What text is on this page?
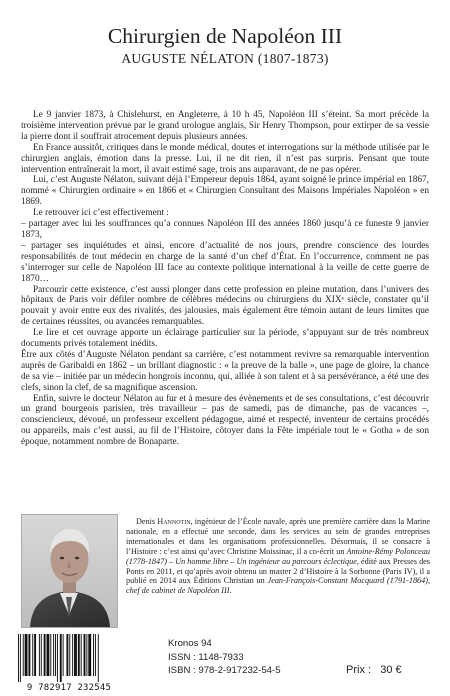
Chirurgien de Napoléon III
AUGUSTE NÉLATON (1807-1873)

Le 9 janvier 1873, à Chislehurst, en Angleterre, à 10 h 45, Napoléon III s’éteint. Sa mort précède la troisième intervention prévue par le grand urologue anglais, Sir Henry Thompson, pour extirper de sa vessie la pierre dont il souffrait atrocement depuis plusieurs années.

En France aussitôt, critiques dans le monde médical, doutes et interrogations sur la méthode utilisée par le chirurgien anglais, émotion dans la presse. Lui, il ne dit rien, il n’est pas surpris. Pensant que toute intervention entraînerait la mort, il avait estimé sage, trois ans auparavant, de ne pas opérer.

Lui, c’est Auguste Nélaton, suivant déjà l’Empereur depuis 1864, ayant soigné le prince impérial en 1867, nommé « Chirurgien ordinaire » en 1866 et « Chirurgien Consultant des Maisons Impériales Napoléon » en 1869.

Le retrouver ici c’est effectivement :

– partager avec lui les souffrances qu’a connues Napoléon III des années 1860 jusqu’à ce funeste 9 janvier 1873,

– partager ses inquiétudes et ainsi, encore d’actualité de nos jours, prendre conscience des lourdes responsabilités de tout médecin en charge de la santé d’un chef d’État. En l’occurrence, comment ne pas s’interroger sur celle de Napoléon III face au contexte politique international à la veille de cette guerre de 1870…

Parcourir cette existence, c’est aussi plonger dans cette profession en pleine mutation, dans l’univers des hôpitaux de Paris voir défiler nombre de célèbres médecins ou chirurgiens du XIXᵉ siècle, constater qu’il pouvait y avoir entre eux des rivalités, des jalousies, mais également être témoin autant de leurs limites que de certaines réussites, ou avancées remarquables.

Le lire et cet ouvrage apporte un éclairage particulier sur la période, s’appuyant sur de très nombreux documents privés totalement inédits.

Être aux côtés d’Auguste Nélaton pendant sa carrière, c’est notamment revivre sa remarquable intervention auprès de Garibaldi en 1862 – un brillant diagnostic : « la preuve de la balle », une page de gloire, la chance de sa vie – initiée par un médecin hongrois inconnu, qui, alliée à son talent et à sa persévérance, a été une des clefs, sinon la clef, de sa magnifique ascension.

Enfin, suivre le docteur Nélaton au fur et à mesure des évènements et de ses consultations, c’est découvrir un grand bourgeois parisien, très travailleur – pas de samedi, pas de dimanche, pas de vacances –, consciencieux, dévoué, un professeur excellent pédagogue, aimé et respecté, inventeur de certains procédés ou appareils, mais c’est aussi, au fil de l’Histoire, côtoyer dans la Fête impériale tout le « Gotha » de son époque, notamment nombre de Bonaparte.

Denis Hannotin, ingénieur de l’École navale, après une première carrière dans la Marine nationale, en a effectué une seconde, dans les services au sein de grandes entreprises internationales et dans les organisations professionnelles. Désormais, il se consacre à l’Histoire : c’est ainsi qu’avec Christine Moissinac, il a co-écrit un Antoine-Rémy Polonceau (1778-1847) – Un homme libre – Un ingénieur au parcours éclectique, édité aux Presses des Ponts en 2011, et qu’après avoir obtenu un master 2 d’Histoire à la Sorbonne (Paris IV), il a publié en 2014 aux Éditions Christian un Jean-François-Constant Mocquard (1791-1864), chef de cabinet de Napoléon III.

9 782917 232545
Kronos 94
ISSN : 1148-7933
ISBN : 978-2-917232-54-5	Prix : 30 €
